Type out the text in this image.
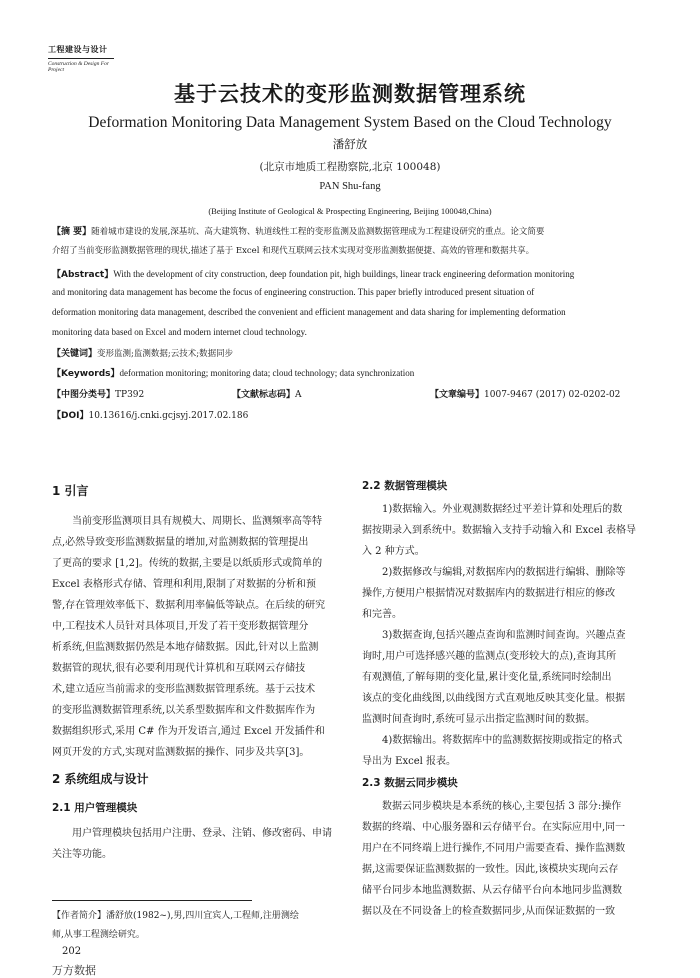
工程建设与设计
Construction & Design For Project
基于云技术的变形监测数据管理系统
Deformation Monitoring Data Management System Based on the Cloud Technology
潘舒放
(北京市地质工程勘察院,北京 100048)
PAN Shu-fang
(Beijing Institute of Geological & Prospecting Engineering, Beijing 100048,China)
【摘 要】随着城市建设的发展,深基坑、高大建筑物、轨道线性工程的变形监测及监测数据管理成为工程建设研究的重点。论文简要
介绍了当前变形监测数据管理的现状,描述了基于 Excel 和现代互联网云技术实现对变形监测数据便捷、高效的管理和数据共享。
【Abstract】With the development of city construction, deep foundation pit, high buildings, linear track engineering deformation monitoring
and monitoring data management has become the focus of engineering construction. This paper briefly introduced present situation of
deformation monitoring data management, described the convenient and efficient management and data sharing for implementing deformation
monitoring data based on Excel and modern internet cloud technology.
【关键词】变形监测;监测数据;云技术;数据同步
【Keywords】deformation monitoring; monitoring data; cloud technology; data synchronization
【中图分类号】TP392	【文献标志码】A	【文章编号】1007-9467 (2017) 02-0202-02
【DOI】10.13616/j.cnki.gcjsyj.2017.02.186
1 引言
当前变形监测项目具有规模大、周期长、监测频率高等特
点,必然导致变形监测数据量的增加,对监测数据的管理提出
了更高的要求 [1,2]。传统的数据,主要是以纸质形式或简单的
Excel 表格形式存储、管理和利用,限制了对数据的分析和预
警,存在管理效率低下、数据利用率偏低等缺点。在后续的研究
中,工程技术人员针对具体项目,开发了若干变形数据管理分
析系统,但监测数据仍然是本地存储数据。因此,针对以上监测
数据管的现状,很有必要利用现代计算机和互联网云存储技
术,建立适应当前需求的变形监测数据管理系统。基于云技术
的变形监测数据管理系统,以关系型数据库和文件数据库作为
数据组织形式,采用 C# 作为开发语言,通过 Excel 开发插件和
网页开发的方式,实现对监测数据的操作、同步及共享[3]。
2 系统组成与设计
2.1 用户管理模块
用户管理模块包括用户注册、登录、注销、修改密码、申请
关注等功能。
【作者简介】潘舒放(1982~),男,四川宜宾人,工程师,注册测绘
师,从事工程测绘研究。
202
万方数据
2.2 数据管理模块
1)数据输入。外业观测数据经过平差计算和处理后的数
据按期录入到系统中。数据输入支持手动输入和 Excel 表格导
入 2 种方式。
2)数据修改与编辑,对数据库内的数据进行编辑、删除等
操作,方便用户根据情况对数据库内的数据进行相应的修改
和完善。
3)数据查询,包括兴趣点查询和监测时间查询。兴趣点查
询时,用户可选择感兴趣的监测点(变形较大的点),查询其所
有观测值,了解每期的变化量,累计变化量,系统同时绘制出
该点的变化曲线图,以曲线图方式直观地反映其变化量。根据
监测时间查询时,系统可显示出指定监测时间的数据。
4)数据输出。将数据库中的监测数据按期或指定的格式
导出为 Excel 报表。
2.3 数据云同步模块
数据云同步模块是本系统的核心,主要包括 3 部分:操作
数据的终端、中心服务器和云存储平台。在实际应用中,同一
用户在不同终端上进行操作,不同用户需要查看、操作监测数
据,这需要保证监测数据的一致性。因此,该模块实现向云存
储平台同步本地监测数据、从云存储平台向本地同步监测数
据以及在不同设备上的检查数据同步,从而保证数据的一致
